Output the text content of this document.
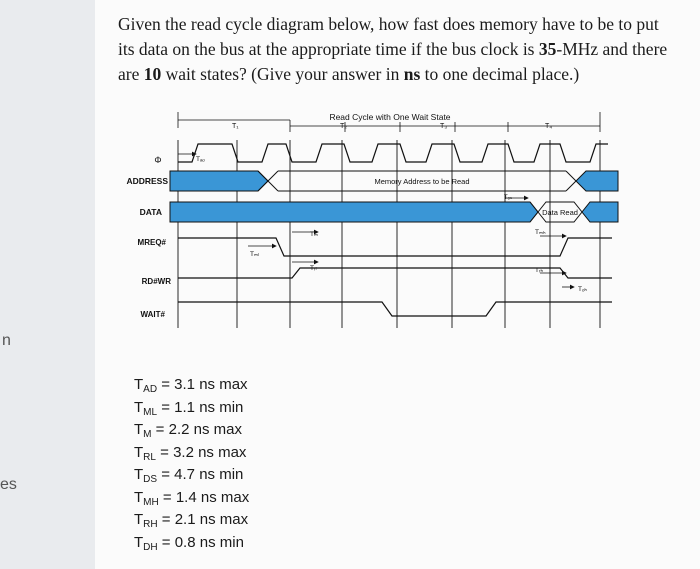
n
es
Given the read cycle diagram below, how fast does memory have to be to put its data on the bus at the appropriate time if the bus clock is 35-MHz and there are 10 wait states? (Give your answer in ns to one decimal place.)
Read Cycle with One Wait State
T₁	T₂	T₃	T₄
Φ
ADDRESS
DATA
MREQ#
RD#WR
WAIT#
Memory Address to be Read
Data Read
Tₐₒ
Tₘₗ
Tₘ
Tᵣₗ
Tₒₛ
Tₘₕ
Tᵣₕ
Tₒₕ
$T_{AD} = 3.1$ ns max
$T_{ML} = 1.1$ ns min
$T_M = 2.2$ ns max
$T_{RL} = 3.2$ ns max
$T_{DS} = 4.7$ ns min
$T_{MH} = 1.4$ ns max
$T_{RH} = 2.1$ ns max
$T_{DH} = 0.8$ ns min
